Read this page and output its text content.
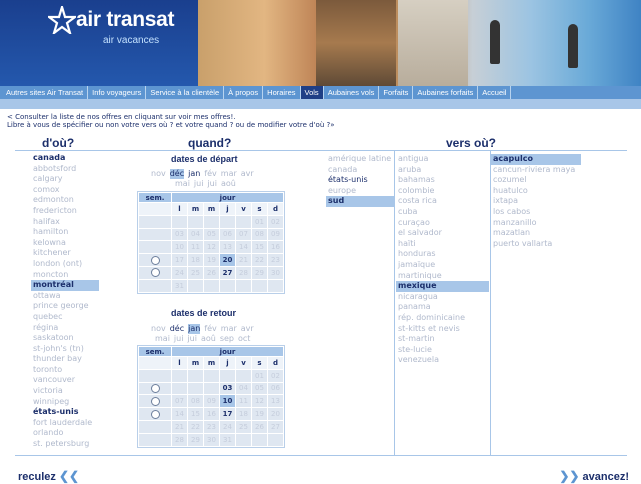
air transat
air vacances
Autres sites Air Transat	Info voyageurs	Service à la clientèle	À propos	Horaires	Vols	Aubaines vols	Forfaits	Aubaines forfaits	Accueil
< Consulter la liste de nos offres en cliquant sur voir mes offres!.
Libre à vous de spécifier ou non votre vers où ? et votre quand ? ou de modifier votre d'où ?»
d'où?	quand?	vers où?
canada
abbotsford
calgary
comox
edmonton
fredericton
halifax
hamilton
kelowna
kitchener
london (ont)
moncton
montréal
ottawa
prince george
quebec
régina
saskatoon
st-john's (tn)
thunder bay
toronto
vancouver
victoria
winnipeg
états-unis
fort lauderdale
orlando
st. petersburg
amérique latine
canada
états-unis
europe
sud
antigua
aruba
bahamas
colombie
costa rica
cuba
curaçao
el salvador
haïti
honduras
jamaïque
martinique
mexique
nicaragua
panama
rép. dominicaine
st-kitts et nevis
st-martin
ste-lucie
venezuela
acapulco
cancun-riviera maya
cozumel
huatulco
ixtapa
los cabos
manzanillo
mazatlan
puerto vallarta
dates de départ
nov déc jan fév mar avr
mai jui jui aoû
sem.	jour						
	l	m	m	j	v	s	d
						01	02
	03	04	05	06	07	08	09
	10	11	12	13	14	15	16
	17	18	19	20	21	22	23
	24	25	26	27	28	29	30
	31						
dates de retour
nov déc jan fév mar avr
mai jui jui aoû sep oct
sem.	jour						
	l	m	m	j	v	s	d
						01	02
				03	04	05	06
	07	08	09	10	11	12	13
	14	15	16	17	18	19	20
	21	22	23	24	25	26	27
	28	29	30	31			
reculez ❮❮	❯❯ avancez!
